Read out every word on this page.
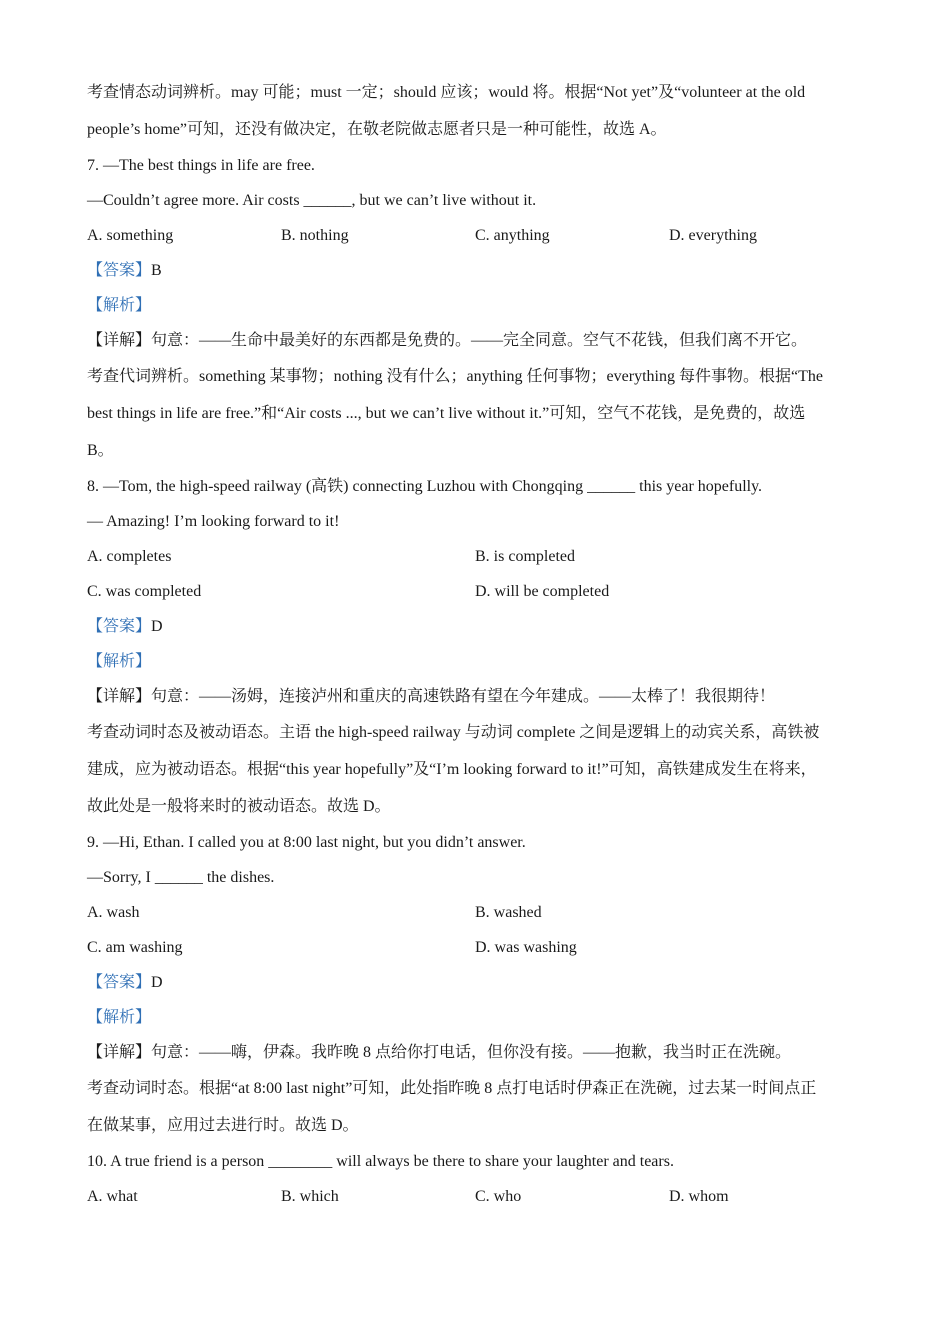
考查情态动词辨析。may 可能；must 一定；should 应该；would 将。根据“Not yet”及“volunteer at the old
people’s home”可知，还没有做决定，在敬老院做志愿者只是一种可能性，故选 A。
7. —The best things in life are free.
—Couldn’t agree more. Air costs ______, but we can’t live without it.
A. something	B. nothing	C. anything	D. everything
【答案】B
【解析】
【详解】句意：——生命中最美好的东西都是免费的。——完全同意。空气不花钱，但我们离不开它。
考查代词辨析。something 某事物；nothing 没有什么；anything 任何事物；everything 每件事物。根据“The
best things in life are free.”和“Air costs ..., but we can’t live without it.”可知，空气不花钱，是免费的，故选
B。
8. —Tom, the high-speed railway (高铁) connecting Luzhou with Chongqing ______ this year hopefully.
— Amazing! I’m looking forward to it!
A. completes	B. is completed
C. was completed	D. will be completed
【答案】D
【解析】
【详解】句意：——汤姆，连接泸州和重庆的高速铁路有望在今年建成。——太棒了！我很期待！
考查动词时态及被动语态。主语 the high-speed railway 与动词 complete 之间是逻辑上的动宾关系，高铁被
建成，应为被动语态。根据“this year hopefully”及“I’m looking forward to it!”可知，高铁建成发生在将来，
故此处是一般将来时的被动语态。故选 D。
9. —Hi, Ethan. I called you at 8:00 last night, but you didn’t answer.
—Sorry, I ______ the dishes.
A. wash	B. washed
C. am washing	D. was washing
【答案】D
【解析】
【详解】句意：——嗨，伊森。我昨晚 8 点给你打电话，但你没有接。——抱歉，我当时正在洗碗。
考查动词时态。根据“at 8:00 last night”可知，此处指昨晚 8 点打电话时伊森正在洗碗，过去某一时间点正
在做某事，应用过去进行时。故选 D。
10. A true friend is a person ________ will always be there to share your laughter and tears.
A. what	B. which	C. who	D. whom
